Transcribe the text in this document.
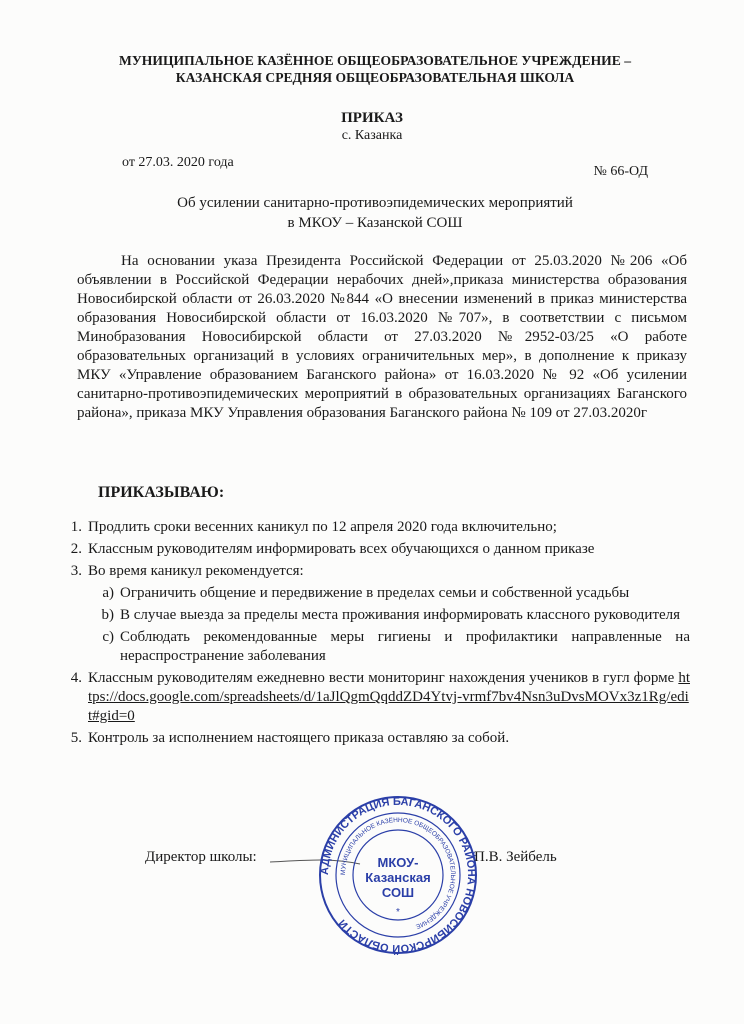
МУНИЦИПАЛЬНОЕ КАЗЁННОЕ ОБЩЕОБРАЗОВАТЕЛЬНОЕ УЧРЕЖДЕНИЕ –
КАЗАНСКАЯ СРЕДНЯЯ ОБЩЕОБРАЗОВАТЕЛЬНАЯ ШКОЛА
ПРИКАЗ
с. Казанка
от 27.03. 2020 года
№ 66-ОД
Об усилении санитарно-противоэпидемических мероприятий
в МКОУ – Казанской СОШ
На основании указа Президента Российской Федерации от 25.03.2020 №206 «Об объявлении в Российской Федерации нерабочих дней»,приказа министерства образования Новосибирской области от 26.03.2020 №844 «О внесении изменений в приказ министерства образования Новосибирской области от 16.03.2020 №707», в соответствии с письмом Минобразования Новосибирской области от 27.03.2020 №2952-03/25 «О работе образовательных организаций в условиях ограничительных мер», в дополнение к приказу МКУ «Управление образованием Баганского района» от 16.03.2020 № 92 «Об усилении санитарно-противоэпидемических мероприятий в образовательных организациях Баганского района», приказа МКУ Управления образования Баганского района № 109 от 27.03.2020г
ПРИКАЗЫВАЮ:
1. Продлить сроки весенних каникул по 12 апреля 2020 года включительно;
2. Классным руководителям информировать всех обучающихся о данном приказе
3. Во время каникул рекомендуется:
a) Ограничить общение и передвижение в пределах семьи и собственной усадьбы
b) В случае выезда за пределы места проживания информировать классного руководителя
c) Соблюдать рекомендованные меры гигиены и профилактики направленные на нераспространение заболевания
4. Классным руководителям ежедневно вести мониторинг нахождения учеников в гугл форме https://docs.google.com/spreadsheets/d/1aJlQgmQqddZD4Ytvj-vrmf7bv4Nsn3uDvsMOVx3z1Rg/edit#gid=0
5. Контроль за исполнением настоящего приказа оставляю за собой.
Директор школы:
АДМИНИСТРАЦИЯ БАГАНСКОГО РАЙОНА НОВОСИБИРСКОЙ ОБЛАСТИ
МУНИЦИПАЛЬНОЕ КАЗЁННОЕ ОБЩЕОБРАЗОВАТЕЛЬНОЕ УЧРЕЖДЕНИЕ
МКОУ-
Казанская
СОШ
*
П.В. Зейбель
